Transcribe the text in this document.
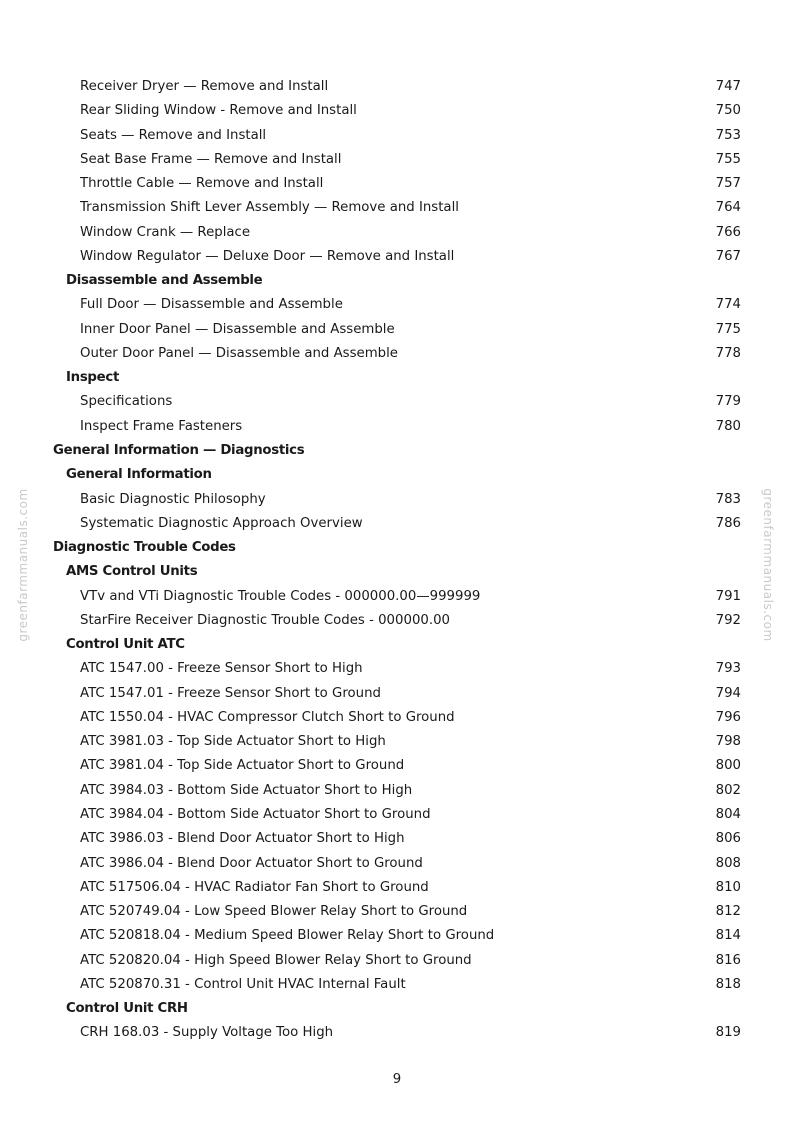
Receiver Dryer — Remove and Install	747
Rear Sliding Window - Remove and Install	750
Seats — Remove and Install	753
Seat Base Frame — Remove and Install	755
Throttle Cable — Remove and Install	757
Transmission Shift Lever Assembly — Remove and Install	764
Window Crank — Replace	766
Window Regulator — Deluxe Door — Remove and Install	767
Disassemble and Assemble
Full Door — Disassemble and Assemble	774
Inner Door Panel — Disassemble and Assemble	775
Outer Door Panel — Disassemble and Assemble	778
Inspect
Specifications	779
Inspect Frame Fasteners	780
General Information — Diagnostics
General Information
Basic Diagnostic Philosophy	783
Systematic Diagnostic Approach Overview	786
Diagnostic Trouble Codes
AMS Control Units
VTv and VTi Diagnostic Trouble Codes - 000000.00—999999	791
StarFire Receiver Diagnostic Trouble Codes - 000000.00	792
Control Unit ATC
ATC 1547.00 - Freeze Sensor Short to High	793
ATC 1547.01 - Freeze Sensor Short to Ground	794
ATC 1550.04 - HVAC Compressor Clutch Short to Ground	796
ATC 3981.03 - Top Side Actuator Short to High	798
ATC 3981.04 - Top Side Actuator Short to Ground	800
ATC 3984.03 - Bottom Side Actuator Short to High	802
ATC 3984.04 - Bottom Side Actuator Short to Ground	804
ATC 3986.03 - Blend Door Actuator Short to High	806
ATC 3986.04 - Blend Door Actuator Short to Ground	808
ATC 517506.04 - HVAC Radiator Fan Short to Ground	810
ATC 520749.04 - Low Speed Blower Relay Short to Ground	812
ATC 520818.04 - Medium Speed Blower Relay Short to Ground	814
ATC 520820.04 - High Speed Blower Relay Short to Ground	816
ATC 520870.31 - Control Unit HVAC Internal Fault	818
Control Unit CRH
CRH 168.03 - Supply Voltage Too High	819
9
greenfarmmanuals.com	greenfarmmanuals.com
